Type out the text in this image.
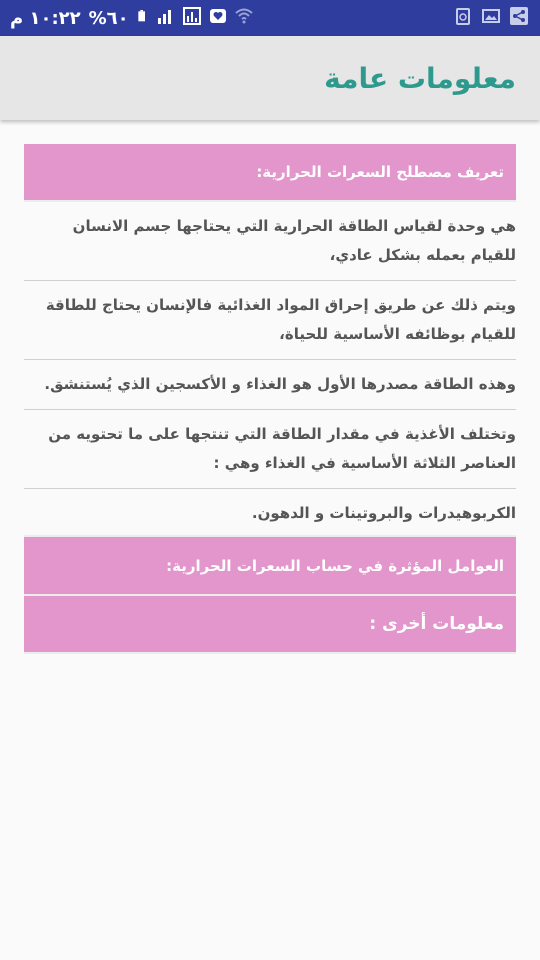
١٠:٢٢ م %٦٠
معلومات عامة
تعريف مصطلح السعرات الحرارية:
هي وحدة لقياس الطاقة الحرارية التي يحتاجها جسم الانسان للقيام بعمله بشكل عادي،
ويتم ذلك عن طريق إحراق المواد الغذائية فالإنسان يحتاج للطاقة للقيام بوظائفه الأساسية للحياة،
وهذه الطاقة مصدرها الأول هو الغذاء و الأكسجين الذي يُستنشق.
وتختلف الأغذية في مقدار الطاقة التي تنتجها على ما تحتويه من العناصر الثلاثة الأساسية في الغذاء وهي :
الكربوهيدرات والبروتينات و الدهون.
العوامل المؤثرة في حساب السعرات الحرارية:
معلومات أخرى :
